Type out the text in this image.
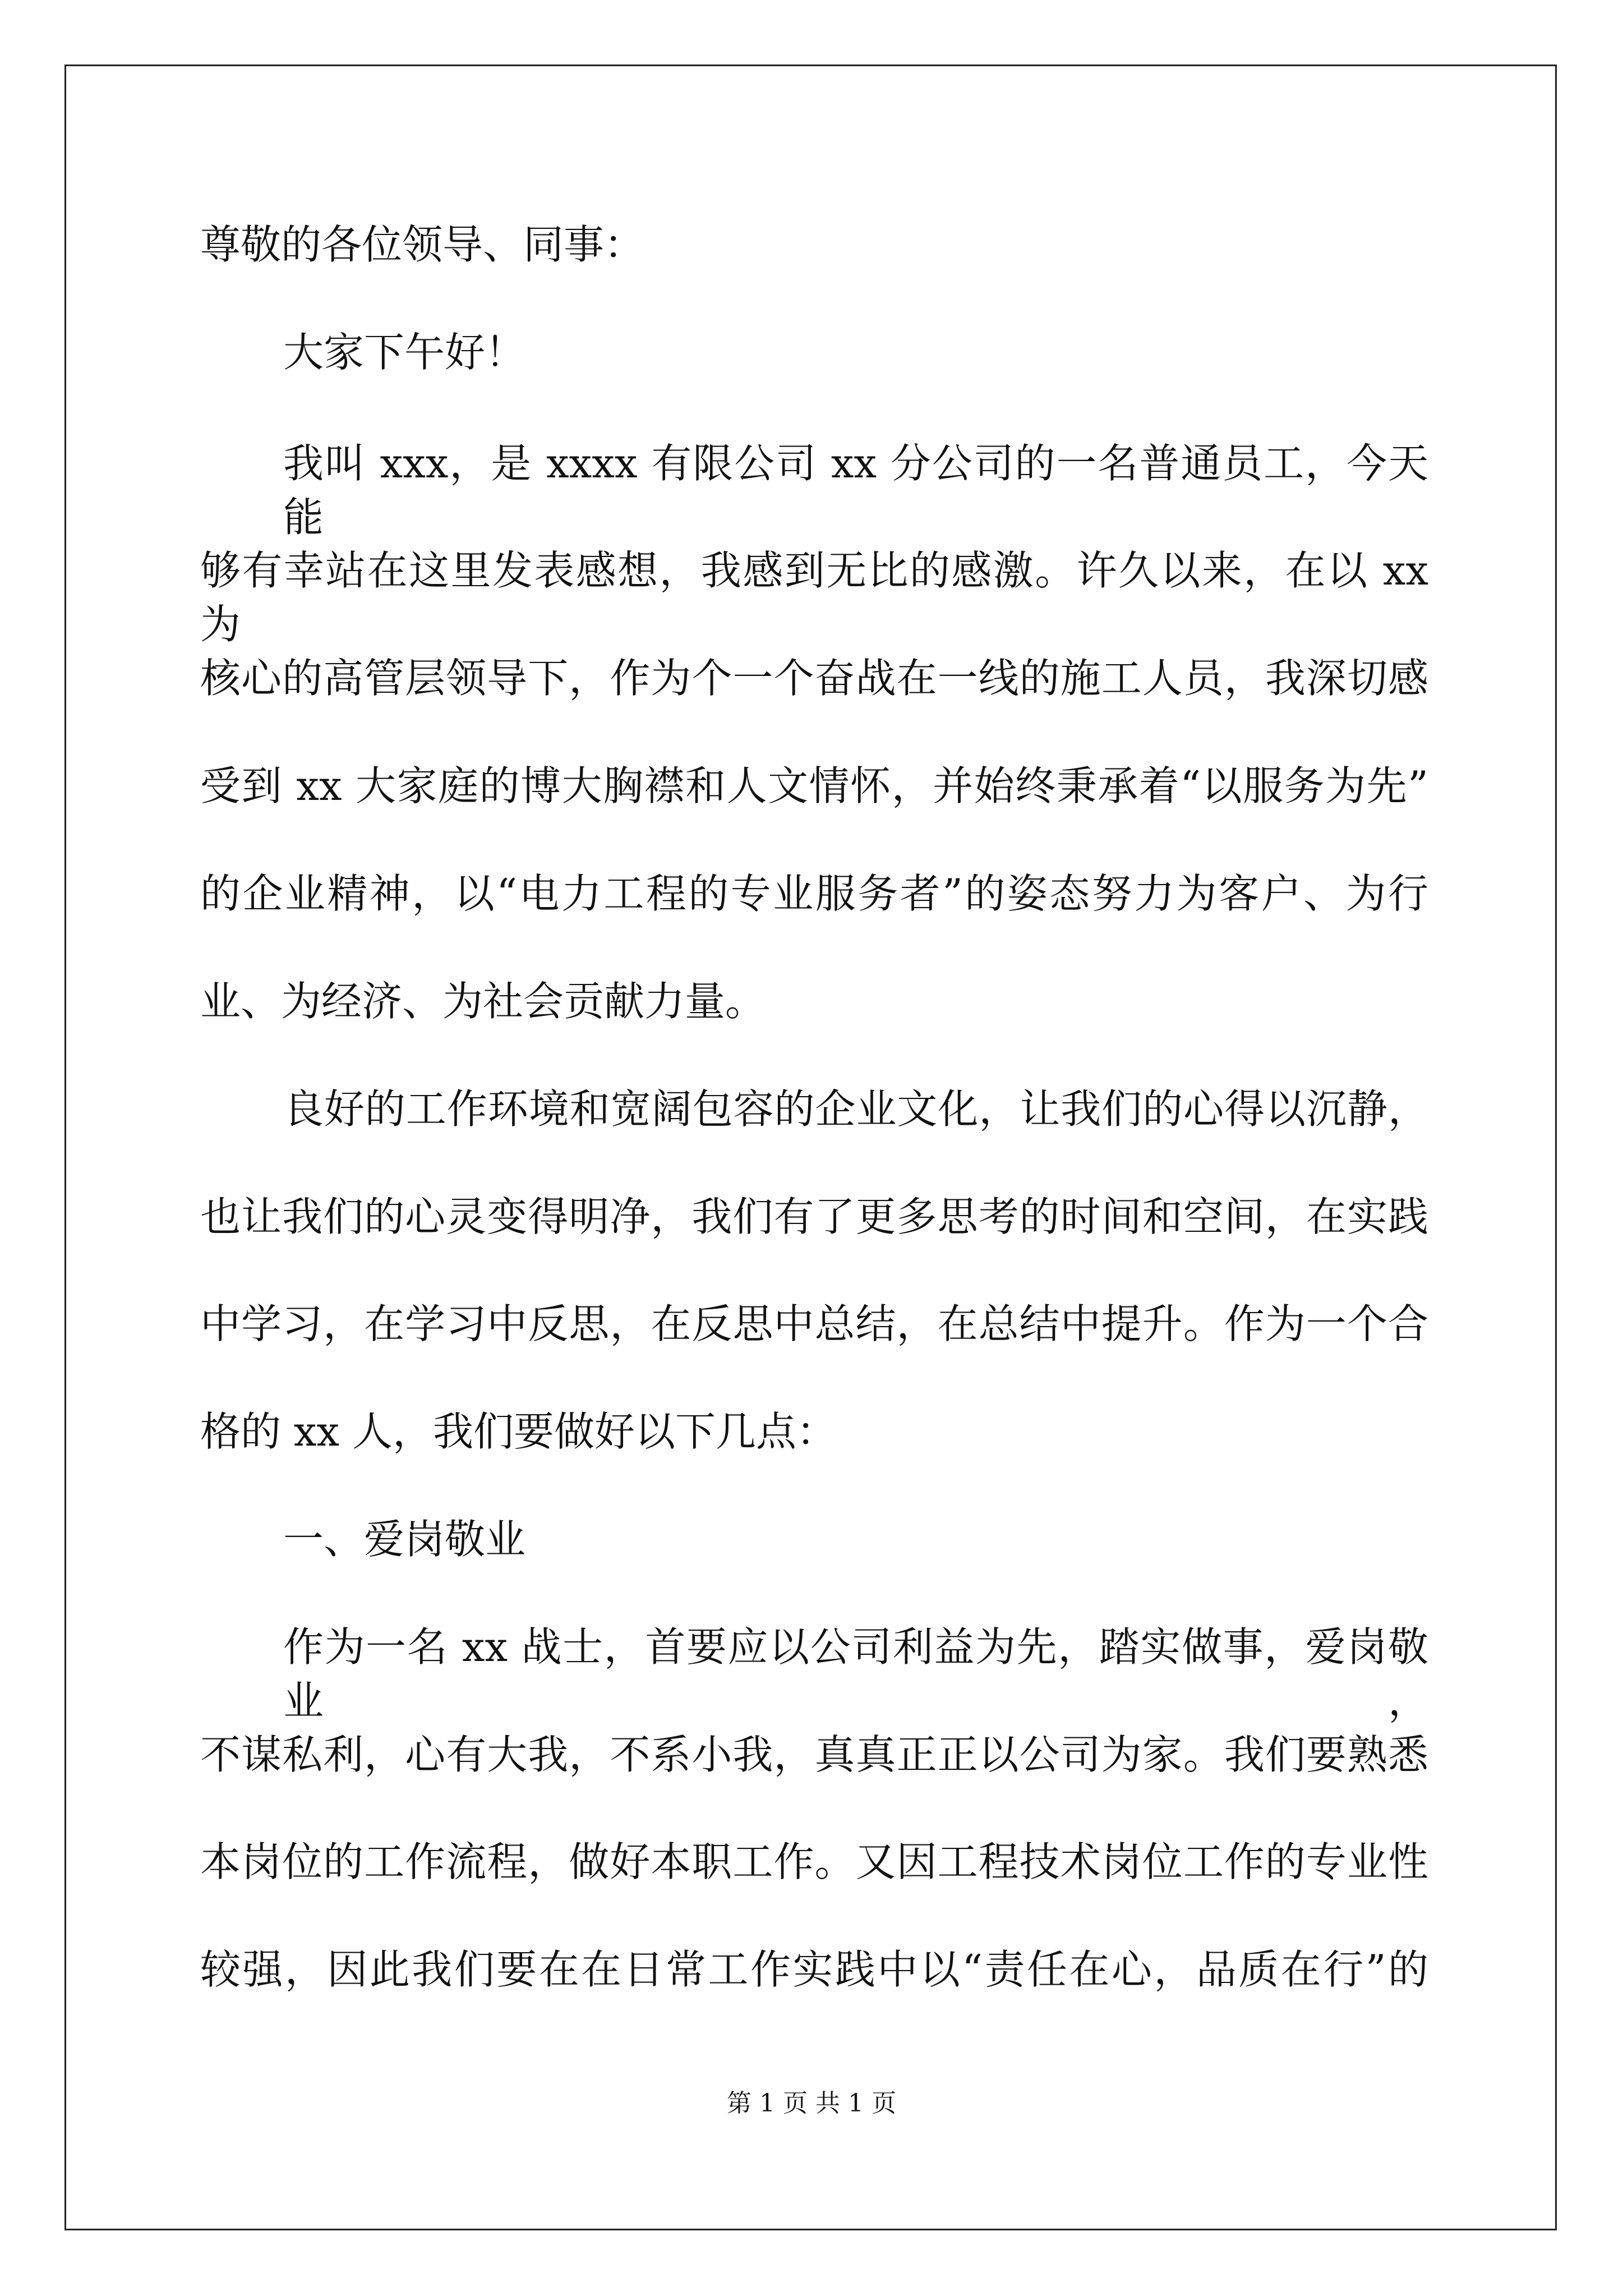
尊敬的各位领导、同事：
大家下午好！
我叫 xxx，是 xxxx 有限公司 xx 分公司的一名普通员工，今天能
够有幸站在这里发表感想，我感到无比的感激。许久以来，在以 xx 为
核心的高管层领导下，作为个一个奋战在一线的施工人员，我深切感
受到 xx 大家庭的博大胸襟和人文情怀，并始终秉承着“以服务为先”
的企业精神，以“电力工程的专业服务者”的姿态努力为客户、为行
业、为经济、为社会贡献力量。
良好的工作环境和宽阔包容的企业文化，让我们的心得以沉静，
也让我们的心灵变得明净，我们有了更多思考的时间和空间，在实践
中学习，在学习中反思，在反思中总结，在总结中提升。作为一个合
格的 xx 人，我们要做好以下几点：
一、爱岗敬业
作为一名 xx 战士，首要应以公司利益为先，踏实做事，爱岗敬业，
不谋私利，心有大我，不系小我，真真正正以公司为家。我们要熟悉
本岗位的工作流程，做好本职工作。又因工程技术岗位工作的专业性
较强，因此我们要在在日常工作实践中以“责任在心，品质在行”的
第 1 页 共 1 页
